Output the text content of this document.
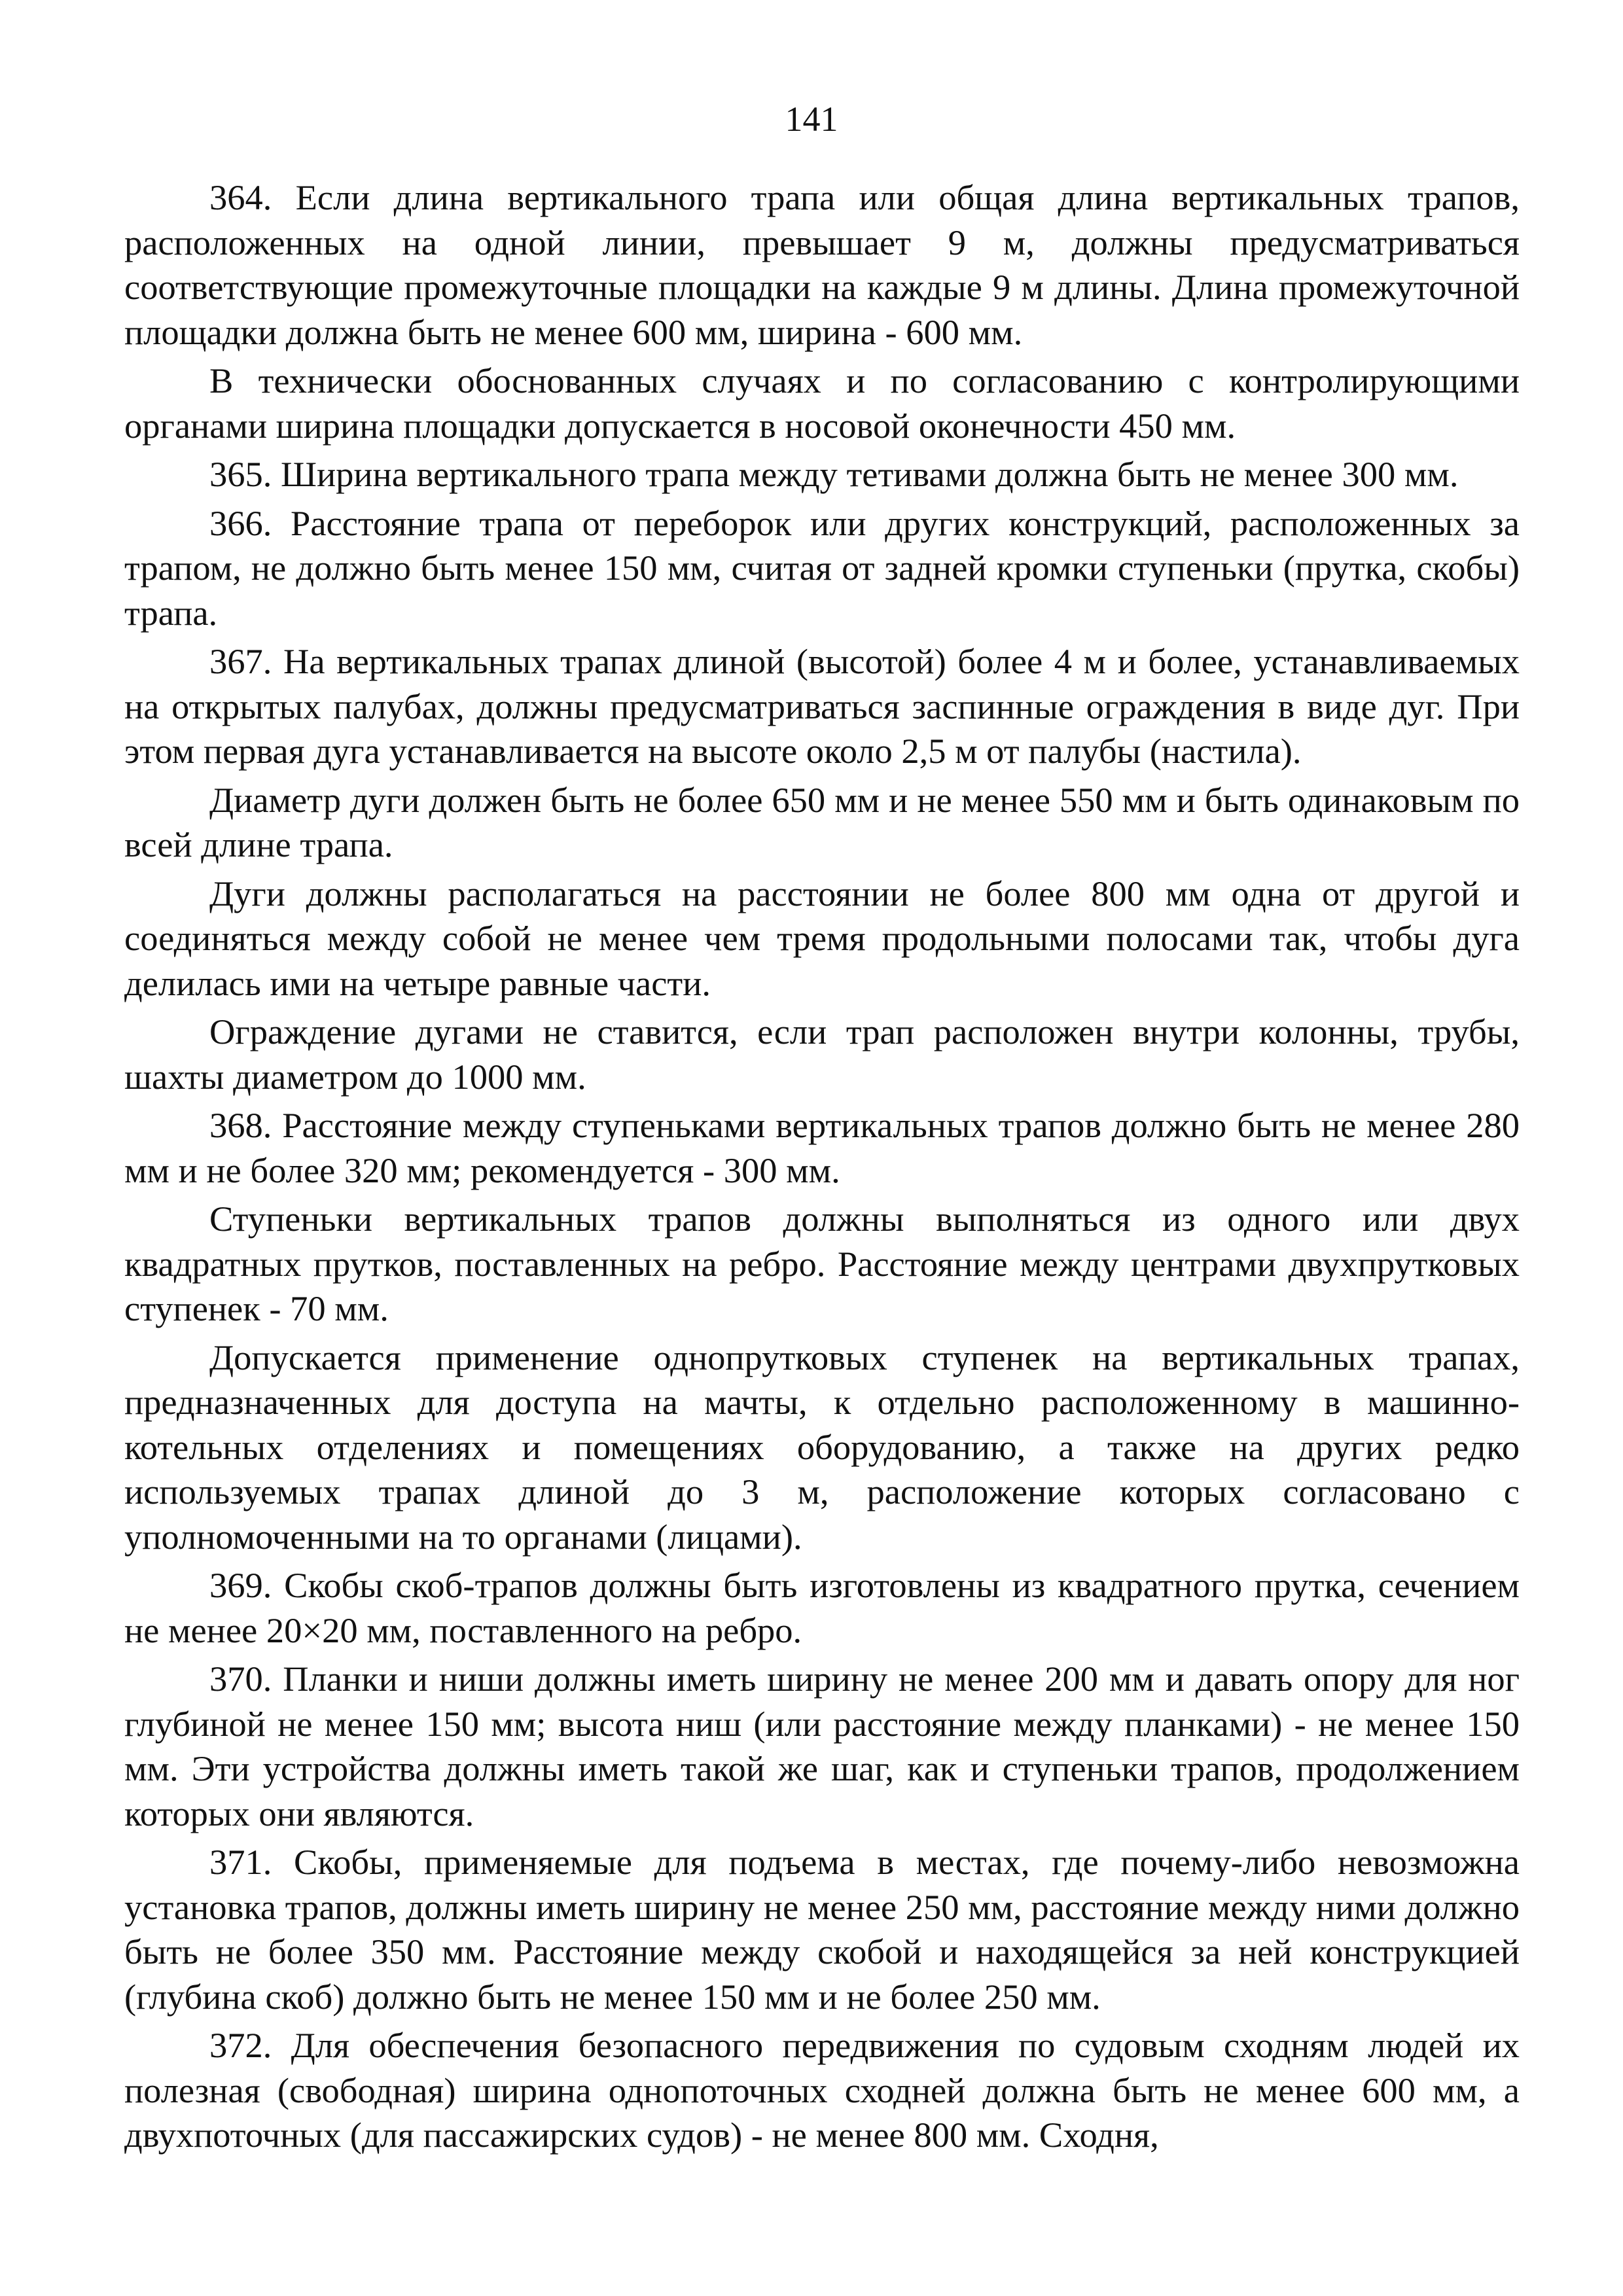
141

364. Если длина вертикального трапа или общая длина вертикальных трапов, расположенных на одной линии, превышает 9 м, должны предусматриваться соответствующие промежуточные площадки на каждые 9 м длины. Длина промежуточной площадки должна быть не менее 600 мм, ширина - 600 мм.

В технически обоснованных случаях и по согласованию с контролирующими органами ширина площадки допускается в носовой оконечности 450 мм.

365. Ширина вертикального трапа между тетивами должна быть не менее 300 мм.

366. Расстояние трапа от переборок или других конструкций, расположенных за трапом, не должно быть менее 150 мм, считая от задней кромки ступеньки (прутка, скобы) трапа.

367. На вертикальных трапах длиной (высотой) более 4 м и более, устанавливаемых на открытых палубах, должны предусматриваться заспинные ограждения в виде дуг. При этом первая дуга устанавливается на высоте около 2,5 м от палубы (настила).

Диаметр дуги должен быть не более 650 мм и не менее 550 мм и быть одинаковым по всей длине трапа.

Дуги должны располагаться на расстоянии не более 800 мм одна от другой и соединяться между собой не менее чем тремя продольными полосами так, чтобы дуга делилась ими на четыре равные части.

Ограждение дугами не ставится, если трап расположен внутри колонны, трубы, шахты диаметром до 1000 мм.

368. Расстояние между ступеньками вертикальных трапов должно быть не менее 280 мм и не более 320 мм; рекомендуется - 300 мм.

Ступеньки вертикальных трапов должны выполняться из одного или двух квадратных прутков, поставленных на ребро. Расстояние между центрами двухпрутковых ступенек - 70 мм.

Допускается применение однопрутковых ступенек на вертикальных трапах, предназначенных для доступа на мачты, к отдельно расположенному в машинно-котельных отделениях и помещениях оборудованию, а также на других редко используемых трапах длиной до 3 м, расположение которых согласовано с уполномоченными на то органами (лицами).

369. Скобы скоб-трапов должны быть изготовлены из квадратного прутка, сечением не менее 20×20 мм, поставленного на ребро.

370. Планки и ниши должны иметь ширину не менее 200 мм и давать опору для ног глубиной не менее 150 мм; высота ниш (или расстояние между планками) - не менее 150 мм. Эти устройства должны иметь такой же шаг, как и ступеньки трапов, продолжением которых они являются.

371. Скобы, применяемые для подъема в местах, где почему-либо невозможна установка трапов, должны иметь ширину не менее 250 мм, расстояние между ними должно быть не более 350 мм. Расстояние между скобой и находящейся за ней конструкцией (глубина скоб) должно быть не менее 150 мм и не более 250 мм.

372. Для обеспечения безопасного передвижения по судовым сходням людей их полезная (свободная) ширина однопоточных сходней должна быть не менее 600 мм, а двухпоточных (для пассажирских судов) - не менее 800 мм. Сходня,
